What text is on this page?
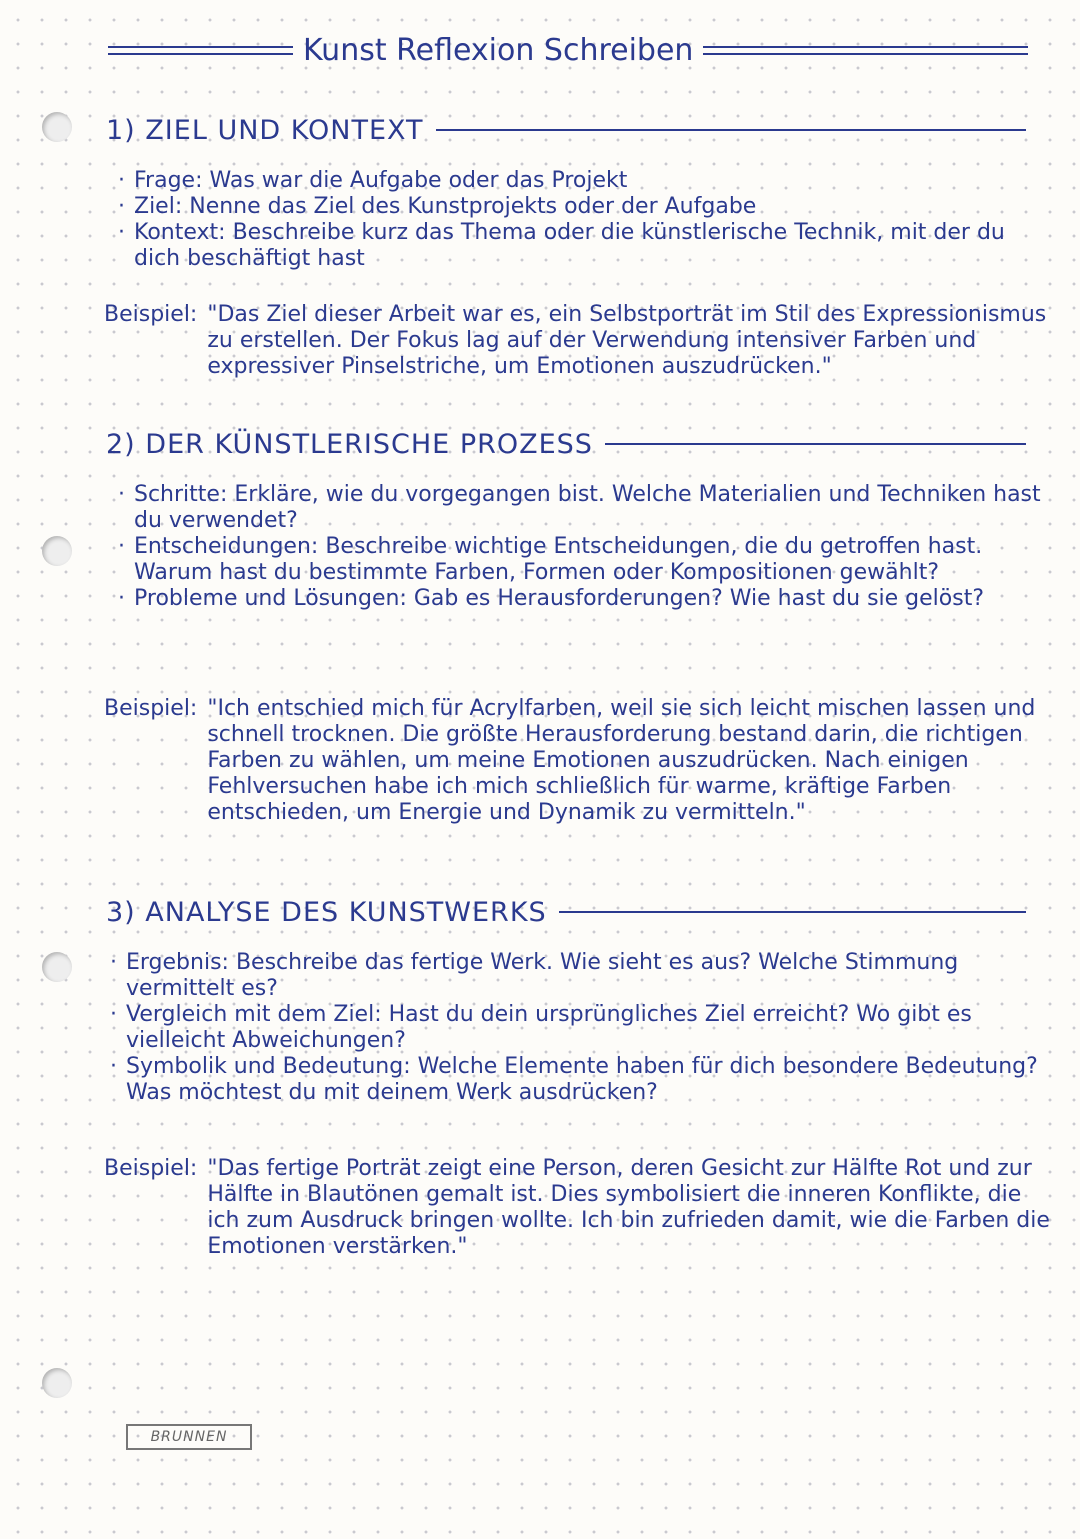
Kunst Reflexion Schreiben
1) ZIEL UND KONTEXT
· Frage: Was war die Aufgabe oder das Projekt
· Ziel: Nenne das Ziel des Kunstprojekts oder der Aufgabe
· Kontext: Beschreibe kurz das Thema oder die künstlerische Technik, mit der du dich beschäftigt hast
Beispiel: "Das Ziel dieser Arbeit war es, ein Selbstporträt im Stil des Expressionismus zu erstellen. Der Fokus lag auf der Verwendung intensiver Farben und expressiver Pinselstriche, um Emotionen auszudrücken."
2) DER KÜNSTLERISCHE PROZESS
· Schritte: Erkläre, wie du vorgegangen bist. Welche Materialien und Techniken hast du verwendet?
· Entscheidungen: Beschreibe wichtige Entscheidungen, die du getroffen hast. Warum hast du bestimmte Farben, Formen oder Kompositionen gewählt?
· Probleme und Lösungen: Gab es Herausforderungen? Wie hast du sie gelöst?
Beispiel: "Ich entschied mich für Acrylfarben, weil sie sich leicht mischen lassen und schnell trocknen. Die größte Herausforderung bestand darin, die richtigen Farben zu wählen, um meine Emotionen auszudrücken. Nach einigen Fehlversuchen habe ich mich schließlich für warme, kräftige Farben entschieden, um Energie und Dynamik zu vermitteln."
3) ANALYSE DES KUNSTWERKS
· Ergebnis: Beschreibe das fertige Werk. Wie sieht es aus? Welche Stimmung vermittelt es?
· Vergleich mit dem Ziel: Hast du dein ursprüngliches Ziel erreicht? Wo gibt es vielleicht Abweichungen?
· Symbolik und Bedeutung: Welche Elemente haben für dich besondere Bedeutung? Was möchtest du mit deinem Werk ausdrücken?
Beispiel: "Das fertige Porträt zeigt eine Person, deren Gesicht zur Hälfte Rot und zur Hälfte in Blautönen gemalt ist. Dies symbolisiert die inneren Konflikte, die ich zum Ausdruck bringen wollte. Ich bin zufrieden damit, wie die Farben die Emotionen verstärken."
BRUNNEN
